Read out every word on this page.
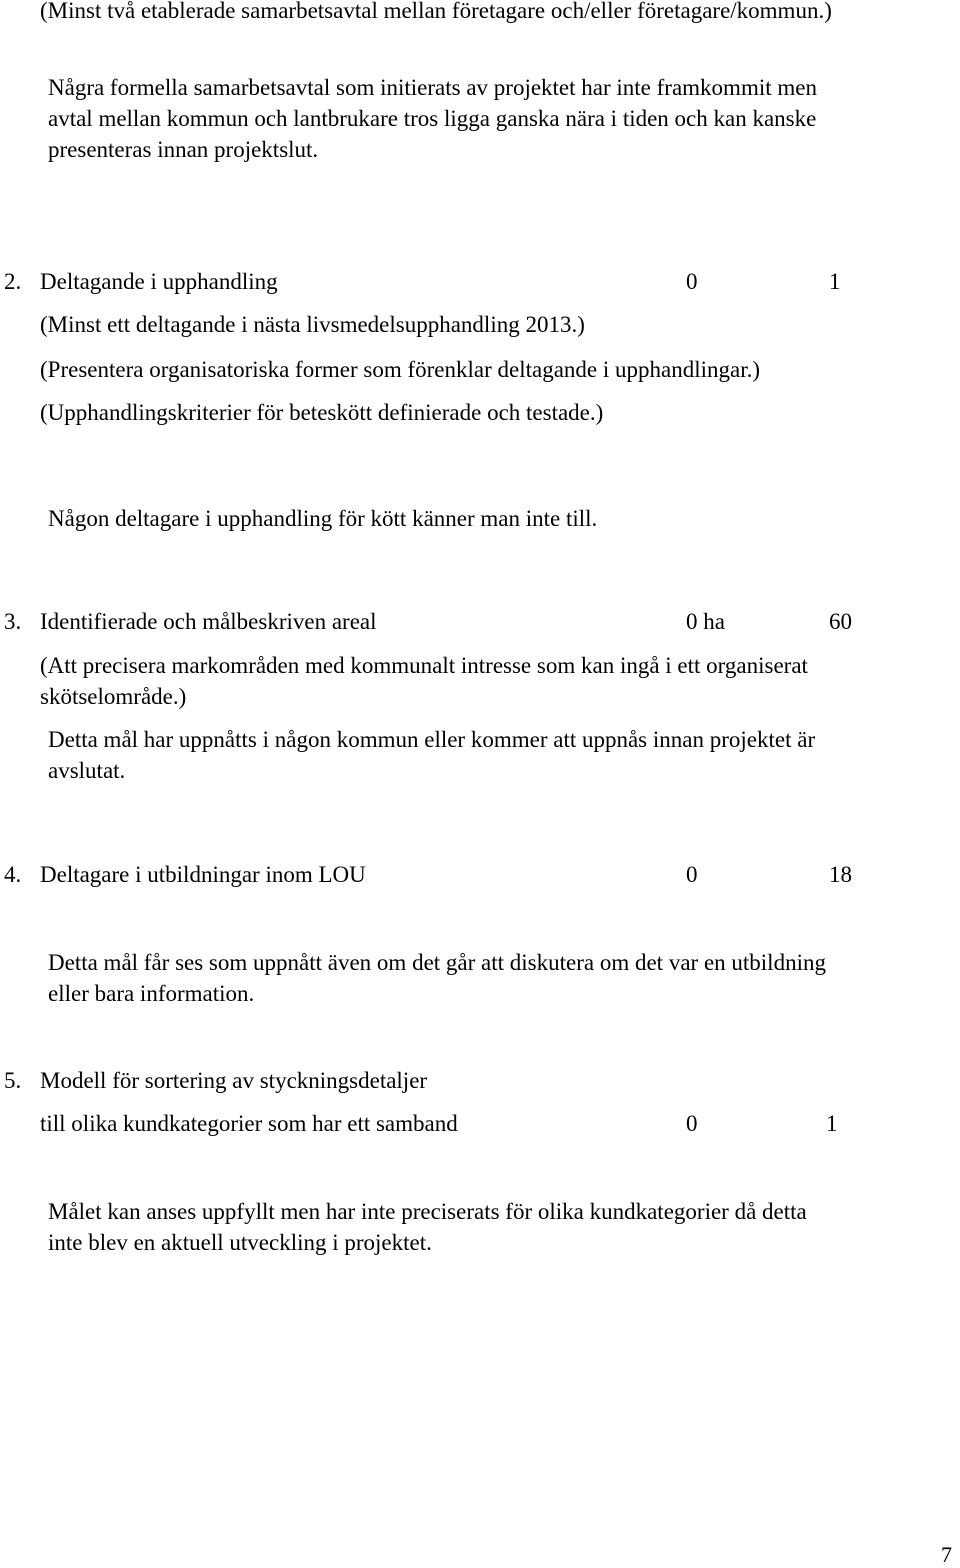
(Minst två etablerade samarbetsavtal mellan företagare och/eller företagare/kommun.)
Några formella samarbetsavtal som initierats av projektet har inte framkommit men
avtal mellan kommun och lantbrukare tros ligga ganska nära i tiden och kan kanske
presenteras innan projektslut.
2. Deltagande i upphandling	0	1
(Minst ett deltagande i nästa livsmedelsupphandling 2013.)
(Presentera organisatoriska former som förenklar deltagande i upphandlingar.)
(Upphandlingskriterier för beteskött definierade och testade.)
Någon deltagare i upphandling för kött känner man inte till.
3. Identifierade och målbeskriven areal	0 ha	60
(Att precisera markområden med kommunalt intresse som kan ingå i ett organiserat
skötselområde.)
Detta mål har uppnåtts i någon kommun eller kommer att uppnås innan projektet är
avslutat.
4. Deltagare i utbildningar inom LOU	0	18
Detta mål får ses som uppnått även om det går att diskutera om det var en utbildning
eller bara information.
5. Modell för sortering av styckningsdetaljer
till olika kundkategorier som har ett samband	0	1
Målet kan anses uppfyllt men har inte preciserats för olika kundkategorier då detta
inte blev en aktuell utveckling i projektet.
7
